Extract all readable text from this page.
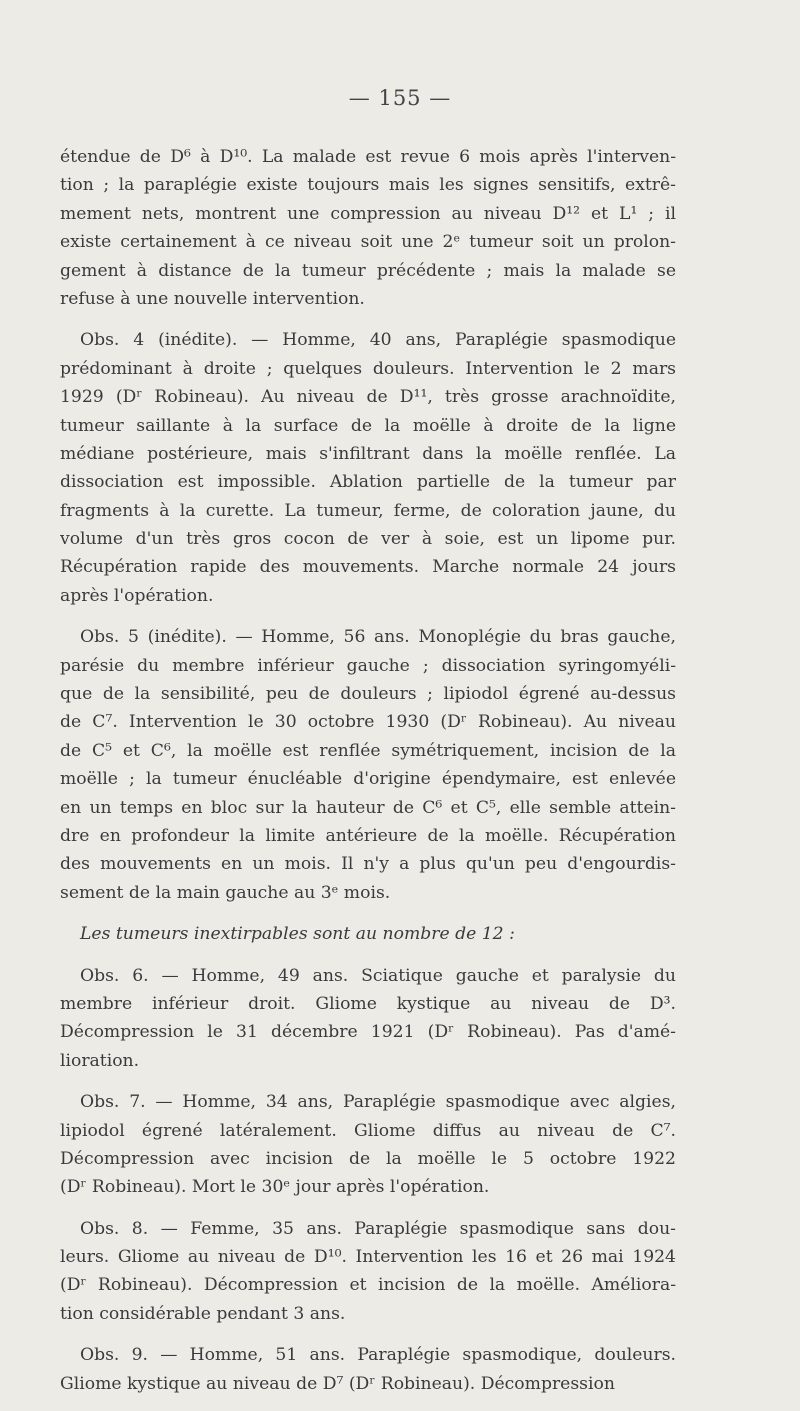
— 155 —
étendue de D⁶ à D¹⁰. La malade est revue 6 mois après l'interven-
tion ; la paraplégie existe toujours mais les signes sensitifs, extrê-
mement nets, montrent une compression au niveau D¹² et L¹ ; il
existe certainement à ce niveau soit une 2ᵉ tumeur soit un prolon-
gement à distance de la tumeur précédente ; mais la malade se
refuse à une nouvelle intervention.
Obs. 4 (inédite). — Homme, 40 ans, Paraplégie spasmodique
prédominant à droite ; quelques douleurs. Intervention le 2 mars
1929 (Dʳ Robineau). Au niveau de D¹¹, très grosse arachnoïdite,
tumeur saillante à la surface de la moëlle à droite de la ligne
médiane postérieure, mais s'infiltrant dans la moëlle renflée. La
dissociation est impossible. Ablation partielle de la tumeur par
fragments à la curette. La tumeur, ferme, de coloration jaune, du
volume d'un très gros cocon de ver à soie, est un lipome pur.
Récupération rapide des mouvements. Marche normale 24 jours
après l'opération.
Obs. 5 (inédite). — Homme, 56 ans. Monoplégie du bras gauche,
parésie du membre inférieur gauche ; dissociation syringomyéli-
que de la sensibilité, peu de douleurs ; lipiodol égrené au-dessus
de C⁷. Intervention le 30 octobre 1930 (Dʳ Robineau). Au niveau
de C⁵ et C⁶, la moëlle est renflée symétriquement, incision de la
moëlle ; la tumeur énucléable d'origine épendymaire, est enlevée
en un temps en bloc sur la hauteur de C⁶ et C⁵, elle semble attein-
dre en profondeur la limite antérieure de la moëlle. Récupération
des mouvements en un mois. Il n'y a plus qu'un peu d'engourdis-
sement de la main gauche au 3ᵉ mois.
Les tumeurs inextirpables sont au nombre de 12 :
Obs. 6. — Homme, 49 ans. Sciatique gauche et paralysie du
membre inférieur droit. Gliome kystique au niveau de D³.
Décompression le 31 décembre 1921 (Dʳ Robineau). Pas d'amé-
lioration.
Obs. 7. — Homme, 34 ans, Paraplégie spasmodique avec algies,
lipiodol égrené latéralement. Gliome diffus au niveau de C⁷.
Décompression avec incision de la moëlle le 5 octobre 1922
(Dʳ Robineau). Mort le 30ᵉ jour après l'opération.
Obs. 8. — Femme, 35 ans. Paraplégie spasmodique sans dou-
leurs. Gliome au niveau de D¹⁰. Intervention les 16 et 26 mai 1924
(Dʳ Robineau). Décompression et incision de la moëlle. Améliora-
tion considérable pendant 3 ans.
Obs. 9. — Homme, 51 ans. Paraplégie spasmodique, douleurs.
Gliome kystique au niveau de D⁷ (Dʳ Robineau). Décompression
